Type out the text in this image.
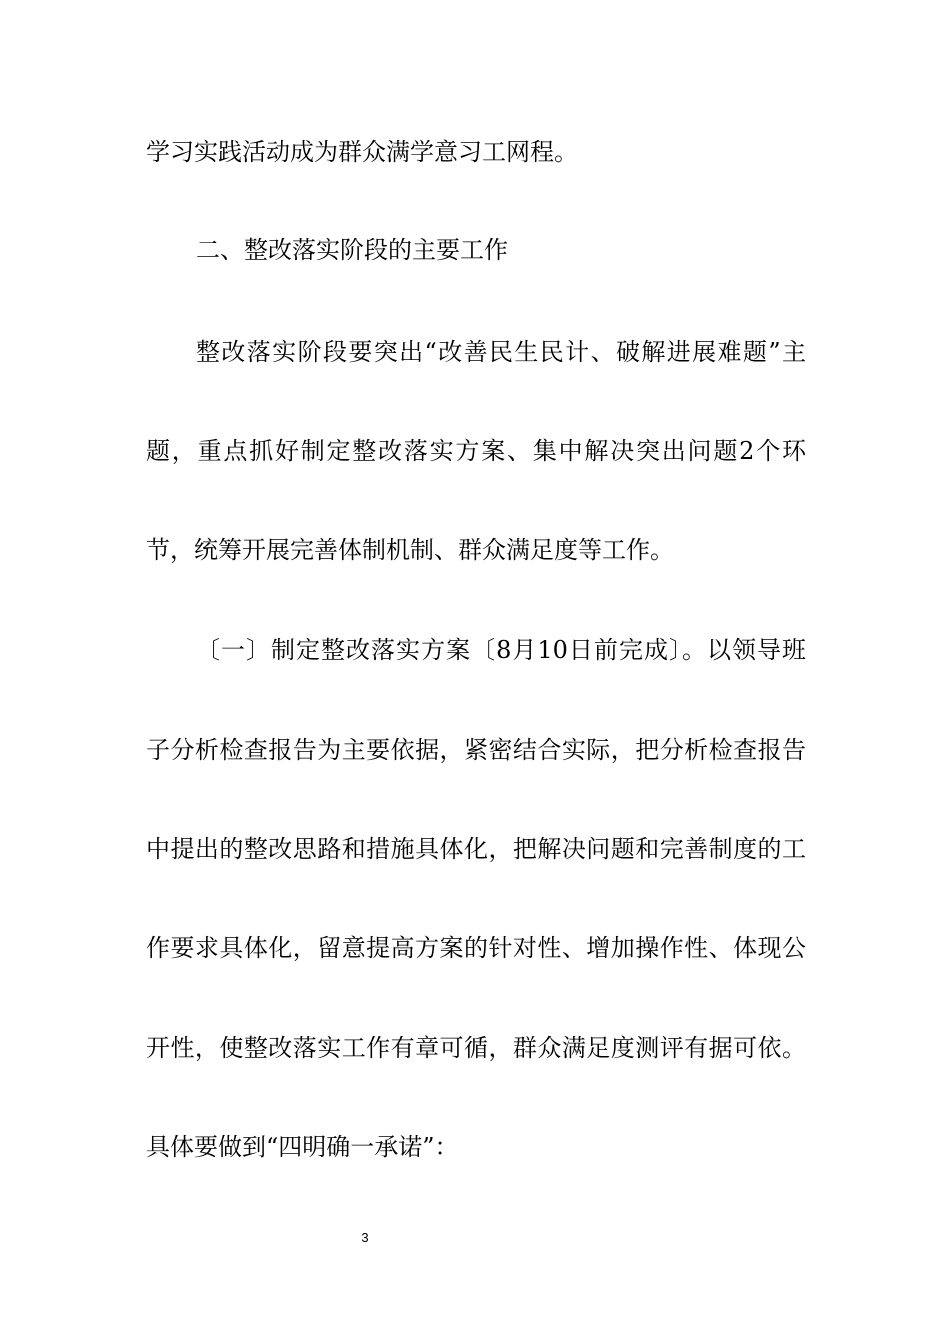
学习实践活动成为群众满学意习工网程。

二、整改落实阶段的主要工作

整改落实阶段要突出“改善民生民计、破解进展难题”主

题，重点抓好制定整改落实方案、集中解决突出问题2个环

节，统筹开展完善体制机制、群众满足度等工作。

〔一〕制定整改落实方案〔8月10日前完成〕。以领导班

子分析检查报告为主要依据，紧密结合实际，把分析检查报告

中提出的整改思路和措施具体化，把解决问题和完善制度的工

作要求具体化，留意提高方案的针对性、增加操作性、体现公

开性，使整改落实工作有章可循，群众满足度测评有据可依。

具体要做到“四明确一承诺”：

3
